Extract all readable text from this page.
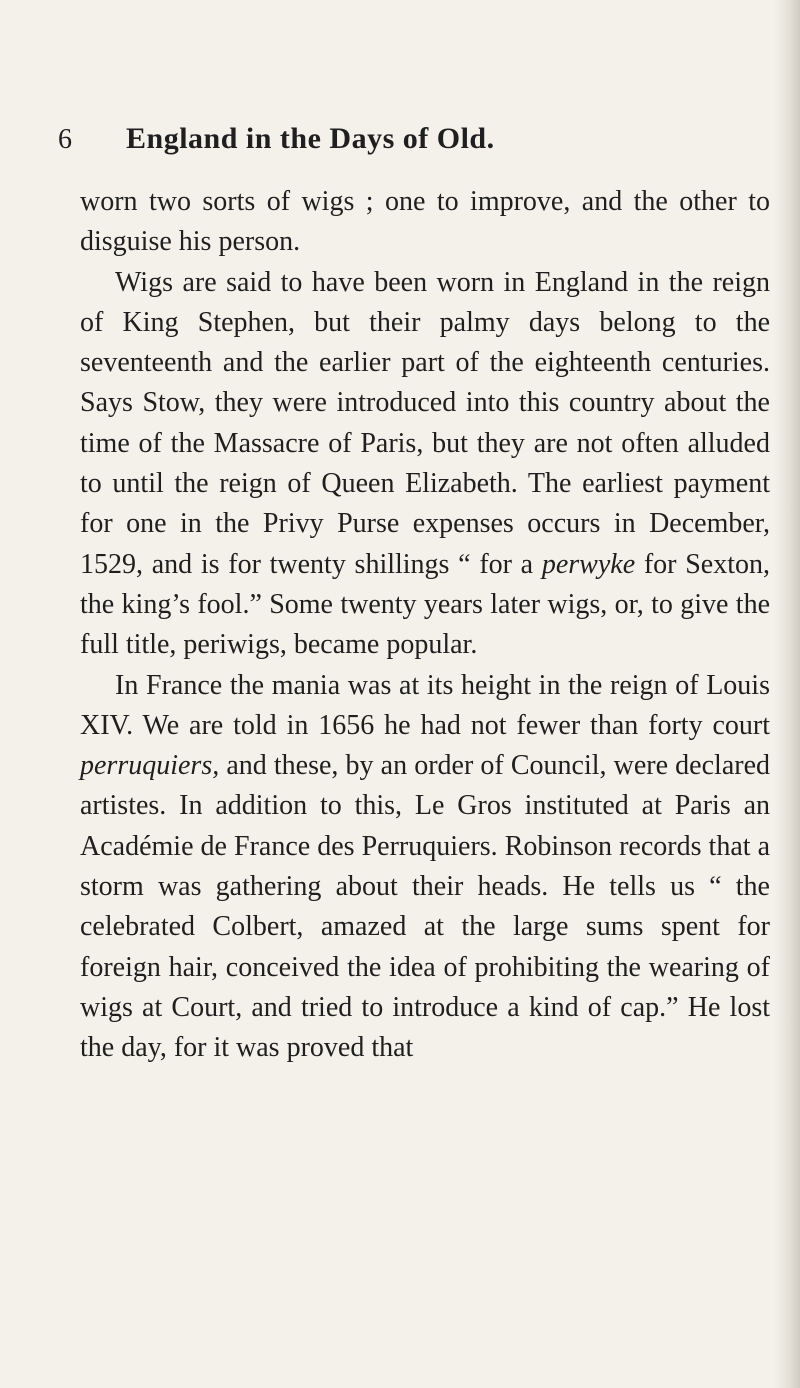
6 England in the Days of Old.

worn two sorts of wigs ; one to improve, and the other to disguise his person.

Wigs are said to have been worn in England in the reign of King Stephen, but their palmy days belong to the seventeenth and the earlier part of the eighteenth centuries. Says Stow, they were introduced into this country about the time of the Massacre of Paris, but they are not often alluded to until the reign of Queen Elizabeth. The earliest payment for one in the Privy Purse expenses occurs in December, 1529, and is for twenty shillings “ for a perwyke for Sexton, the king’s fool.” Some twenty years later wigs, or, to give the full title, periwigs, became popular.

In France the mania was at its height in the reign of Louis XIV. We are told in 1656 he had not fewer than forty court perruquiers, and these, by an order of Council, were declared artistes. In addition to this, Le Gros instituted at Paris an Académie de France des Perruquiers. Robinson records that a storm was gathering about their heads. He tells us “ the celebrated Colbert, amazed at the large sums spent for foreign hair, conceived the idea of prohibiting the wearing of wigs at Court, and tried to introduce a kind of cap.” He lost the day, for it was proved that
